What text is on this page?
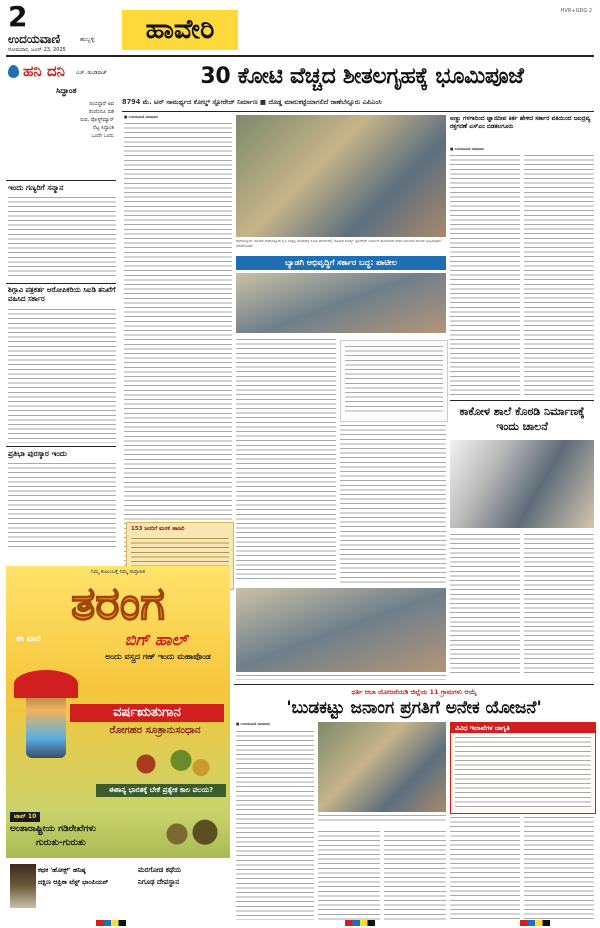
2
ಉದಯವಾಣಿ	ಹುಬ್ಬಳ್ಳಿ
ಸೋಮವಾರ, ಜೂನ್ 23, 2025
ಹಾವೇರಿ
HVR+GDG 2
ಹನಿ ದನಿ ಎಚ್. ಡುಂಡಿರಾಜ್
ಸಿದ್ಧಾಂತ
ನಂಬಿದ್ದಾರೆ ಅವ
ರೆಂದೆಂದೂ ಬಿಡಿ
ರುವ, ಪೋಸ್ಟ್‌ಮ್ಯಾನ್
ನೆಟ್ಟ ಸಿದ್ಧಾಂತ
ಒಂದೇ ಒಂದು
ಇಂದು ಗಣ್ಯರಿಗೆ ಸನ್ಮಾನ
ಶಿಗ್ಗಾವಿ ಪತ್ರಕರ್ತ ಆರೋಪಿಕರಿಯ ಸಿಐಡಿ ತನಿಖೆಗೆ ವಹಿಸಿದ ಸರ್ಕಾರ
ಪ್ರತಿಭಾ ಪುರಸ್ಕಾರ ಇಂದು
30 ಕೋಟಿ ವೆಚ್ಚದ ಶೀತಲಗೃಹಕ್ಕೆ ಭೂಮಿಪೂಜೆ
8794 ಮೆ. ಟನ್ ಸಾಮರ್ಥ್ಯದ ಕೋಲ್ಡ್ ಸ್ಟೋರೇಜ್ ನಿರ್ಮಾಣ ■ ದೊಡ್ಡ ಮಾರುಕಟ್ಟೆಯಾಗಲಿದೆ ರಾಣೆಬೆನ್ನೂರು ಎಪಿಎಂಸಿ
■ ಉದಯವಾಣಿ ಸಮಾಚಾರ
ರಾಣೆಬೆನ್ನೂರು: ಹಾವೇರಿ-ಕಾಣೆಬೆನ್ನೂರು ಕೃಷಿ ಉತ್ಪನ್ನ ಮಾರುಕಟ್ಟೆ ಸಮಿತಿ ಆವರಣದಲ್ಲಿ ರವಿವಾರ ಕೋಲ್ಡ್ ಸ್ಟೋರೇಜ್ ನಿರ್ಮಾಣ ಕಾಮಗಾರಿಗೆ ಸಚಿವ ಶಿವಾನಂದ ಪಾಟೀಲ ಭೂಮಿಪೂಜೆ ನೆರವೇರಿಸಿದರು.
ಬ್ಯಾಡಗಿ ಅಭಿವೃದ್ಧಿಗೆ ಸರ್ಕಾರ ಬದ್ಧ: ಪಾಟೀಲ
ಅಣ್ಣು ಗಳಗಾರಿಂದ ಜ್ಞಾನದೀಪ ಕಿರ್ತ ಹೇಳಿದ ಸರ್ಕಾರ ವತಿಯಿಂದ ಜಲದ್ರವ್ಯ ರಕ್ತಗರಣೆ ಎಸ್ಎಂ ಬಿಡಕಲಗೂರು
■ ಉದಯವಾಣಿ ಸಮಾಚಾರ
ಕಾಕೋಳ ಶಾಲೆ ಕೊಠಡಿ ನಿರ್ಮಾಣಕ್ಕೆ ಇಂದು ಚಾಲನೆ
153 ಜನರಿಗೆ ಮರಳಿ ಹಾಜರಿ
ನಿಮ್ಮ ಕುಟುಂಬಕ್ಕೆ ನಿಮ್ಮ ಸಾಪ್ತಾಹಿಕ
ತರಂಗ
ಈ ವಾರ	ಬಿಗ್ ಹಾಲ್
ಅಂದು ವಸ್ತ್ರದ ಗಣ್ ಇಂದು ಮಹಾಪೊಂಡ
ವರ್ಷಋತುಗಾನ
ರೋಗಹರ ಸೂತ್ರಾನುಸಂಧಾನ
ಈಶಾನ್ಯ ಭಾರತಕ್ಕೆ ಬೇಕೆ ಪ್ರತ್ಯೇಕ ಕಾಲ ವಲಯ?
ಟಾಪ್ 10
ಅಂತಾರಾಷ್ಟ್ರೀಯ ಗಡಿರೇಖೆಗಳು
ಗುರುತು-ಗುರುತು
ಕಥಕ 'ಹೋಕ್ಸ್' ಹನಿಷ್ಠ
ದಕ್ಷಿಣ ಆಫ್ರಿಕಾ ಟೆಸ್ಟ್ ಛಾಂಪಿಯನ್
ಮರಗೋಡ ಕಥೆಯ
ನಿಗೂಢ ದೇವಸ್ಥಾನ
ಧರ್ತಿ ಆಬಾ ಯೋಜನೆಯಡಿ ಜಿಲ್ಲೆಯ 11 ಗ್ರಾಮಗಳು ಆಯ್ಕೆ
'ಬುಡಕಟ್ಟು ಜನಾಂಗ ಪ್ರಗತಿಗೆ ಅನೇಕ ಯೋಜನೆ'
■ ಉದಯವಾಣಿ ಸಮಾಚಾರ	ವಿವಿಧ ಇಲಾಖೆಗಳ ಜಾಗೃತಿ
